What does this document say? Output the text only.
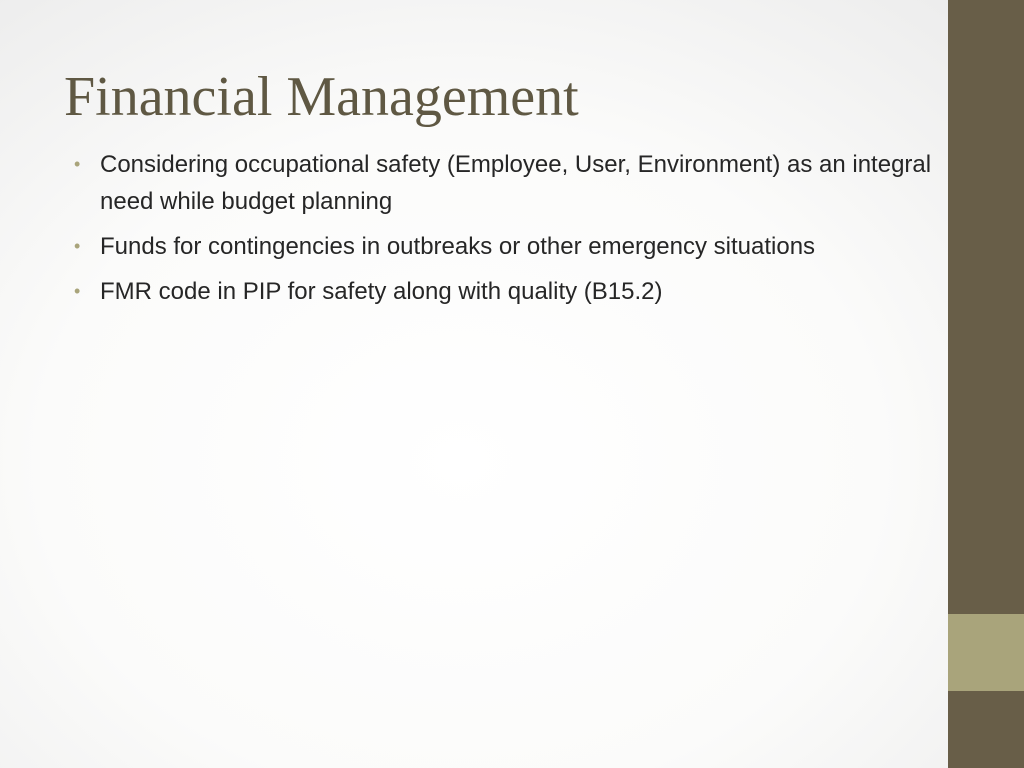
Financial Management
• Considering occupational safety (Employee, User, Environment) as an integral need while budget planning
• Funds for contingencies in outbreaks or other emergency situations
• FMR code in PIP for safety along with quality (B15.2)
